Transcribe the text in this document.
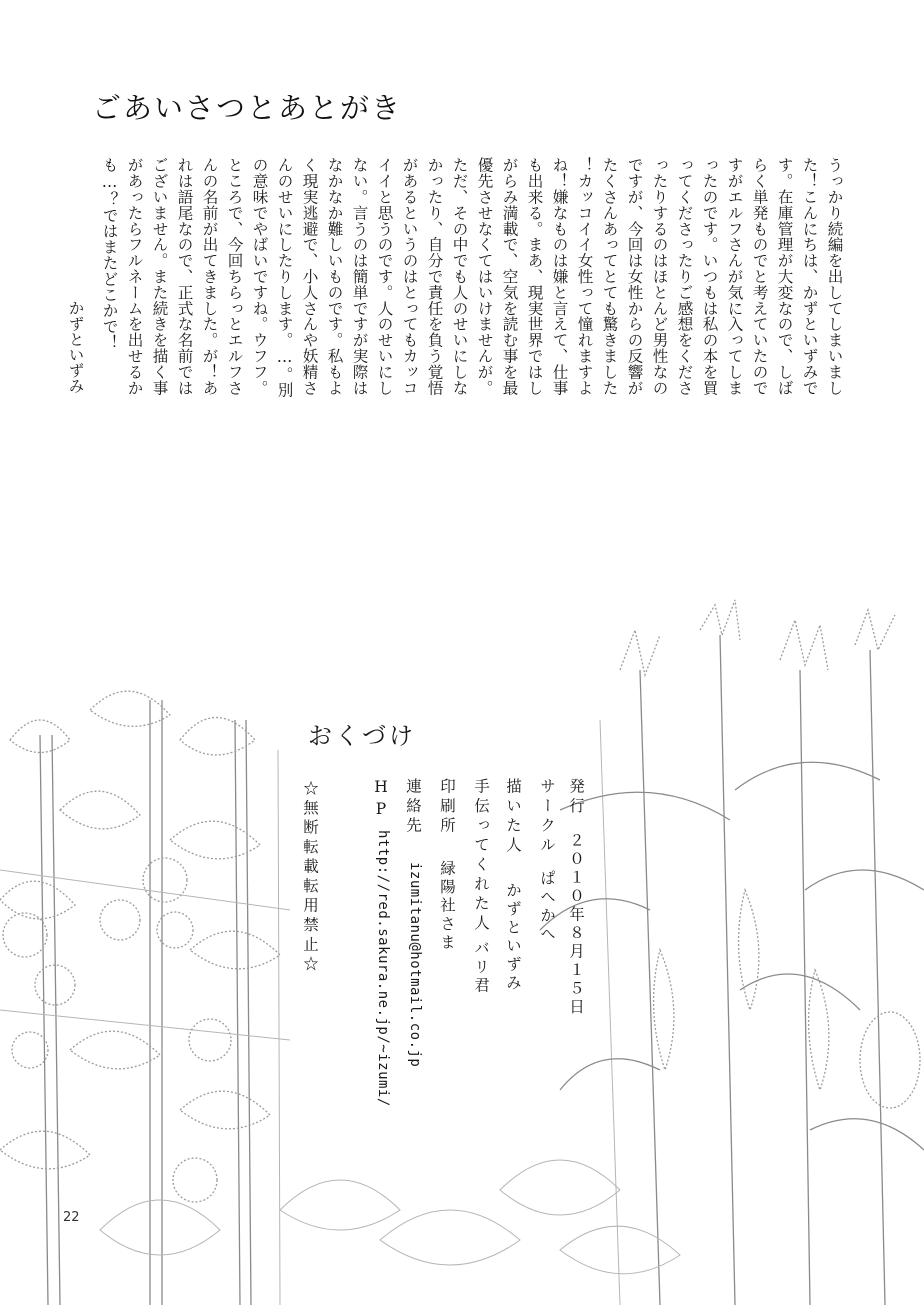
ごあいさつとあとがき
うっかり続編を出してしまいまし
た！こんにちは、かずといずみで
す。在庫管理が大変なので、しば
らく単発ものでと考えていたので
すがエルフさんが気に入ってしま
ったのです。いつもは私の本を買
ってくださったりご感想をくださ
ったりするのはほとんど男性なの
ですが、今回は女性からの反響が
たくさんあってとても驚きました
！カッコイイ女性って憧れますよ
ね！嫌なものは嫌と言えて、仕事
も出来る。まあ、現実世界ではし
がらみ満載で、空気を読む事を最
優先させなくてはいけませんが。
ただ、その中でも人のせいにしな
かったり、自分で責任を負う覚悟
があるというのはとってもカッコ
イイと思うのです。人のせいにし
ない。言うのは簡単ですが実際は
なかなか難しいものです。私もよ
く現実逃避で、小人さんや妖精さ
んのせいにしたりします。…。別
の意味でやばいですね。ウフフ。
ところで、今回ちらっとエルフさ
んの名前が出てきました。が！あ
れは語尾なので、正式な名前では
ございません。また続きを描く事
があったらフルネームを出せるか
も…？ではまたどこかで！
かずといずみ
おくづけ
発行
２０１０年８月１５日
サークル
ぱへかへ
描いた人
かずといずみ
手伝ってくれた人
バリ君
印刷所
緑陽社さま
連絡先
izumitanu@hotmail.co.jp
HP
http://red.sakura.ne.jp/~izumi/
☆無断転載転用禁止☆
22
